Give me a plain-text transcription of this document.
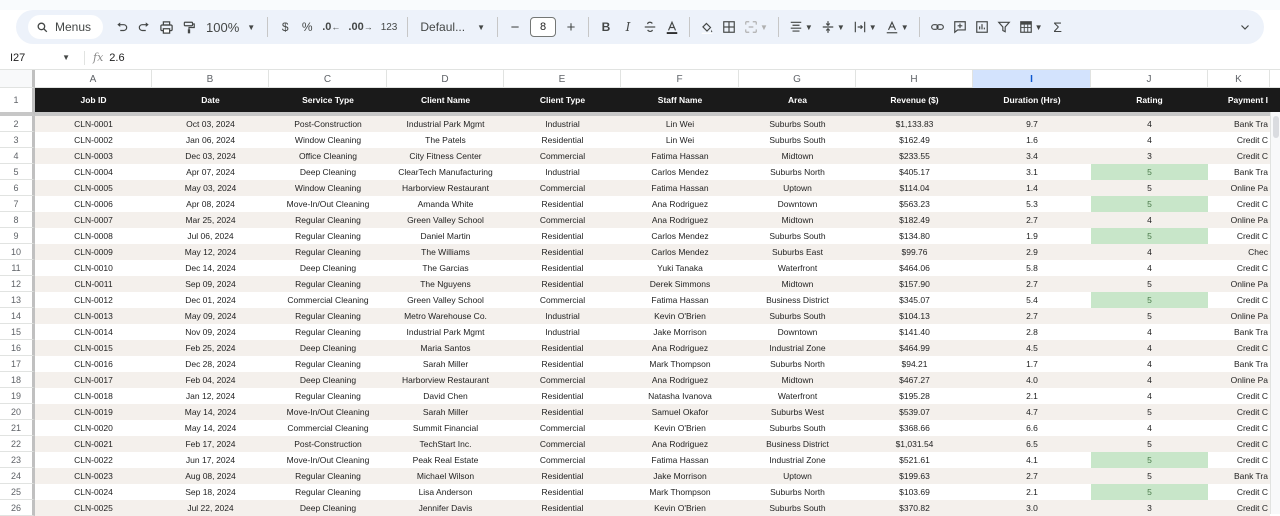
Menus	100% ▼	$	% .0 ← .00 → 123 Defaul... ▼	−	8	+	B	I	▼	▼	▼	▼	▼	▼ Σ
I27	▼ fx 2.6
A	B	C	D	E	F	G	H	I	J	K
1	Job ID	Date	Service Type	Client Name	Client Type	Staff Name	Area	Revenue ($)	Duration (Hrs)	Rating	Payment I
2	CLN-0001	Oct 03, 2024	Post-Construction	Industrial Park Mgmt	Industrial	Lin Wei	Suburbs South	$1,133.83	9.7	4	Bank Tra
3	CLN-0002	Jan 06, 2024	Window Cleaning	The Patels	Residential	Lin Wei	Suburbs South	$162.49	1.6	4	Credit C
4	CLN-0003	Dec 03, 2024	Office Cleaning	City Fitness Center	Commercial	Fatima Hassan	Midtown	$233.55	3.4	3	Credit C
5	CLN-0004	Apr 07, 2024	Deep Cleaning	ClearTech Manufacturing	Industrial	Carlos Mendez	Suburbs North	$405.17	3.1	5	Bank Tra
6	CLN-0005	May 03, 2024	Window Cleaning	Harborview Restaurant	Commercial	Fatima Hassan	Uptown	$114.04	1.4	5	Online Pa
7	CLN-0006	Apr 08, 2024	Move-In/Out Cleaning	Amanda White	Residential	Ana Rodriguez	Downtown	$563.23	5.3	5	Credit C
8	CLN-0007	Mar 25, 2024	Regular Cleaning	Green Valley School	Commercial	Ana Rodriguez	Midtown	$182.49	2.7	4	Online Pa
9	CLN-0008	Jul 06, 2024	Regular Cleaning	Daniel Martin	Residential	Carlos Mendez	Suburbs South	$134.80	1.9	5	Credit C
10	CLN-0009	May 12, 2024	Regular Cleaning	The Williams	Residential	Carlos Mendez	Suburbs East	$99.76	2.9	4	Chec
11	CLN-0010	Dec 14, 2024	Deep Cleaning	The Garcias	Residential	Yuki Tanaka	Waterfront	$464.06	5.8	4	Credit C
12	CLN-0011	Sep 09, 2024	Regular Cleaning	The Nguyens	Residential	Derek Simmons	Midtown	$157.90	2.7	5	Online Pa
13	CLN-0012	Dec 01, 2024	Commercial Cleaning	Green Valley School	Commercial	Fatima Hassan	Business District	$345.07	5.4	5	Credit C
14	CLN-0013	May 09, 2024	Regular Cleaning	Metro Warehouse Co.	Industrial	Kevin O'Brien	Suburbs South	$104.13	2.7	5	Online Pa
15	CLN-0014	Nov 09, 2024	Regular Cleaning	Industrial Park Mgmt	Industrial	Jake Morrison	Downtown	$141.40	2.8	4	Bank Tra
16	CLN-0015	Feb 25, 2024	Deep Cleaning	Maria Santos	Residential	Ana Rodriguez	Industrial Zone	$464.99	4.5	4	Credit C
17	CLN-0016	Dec 28, 2024	Regular Cleaning	Sarah Miller	Residential	Mark Thompson	Suburbs North	$94.21	1.7	4	Bank Tra
18	CLN-0017	Feb 04, 2024	Deep Cleaning	Harborview Restaurant	Commercial	Ana Rodriguez	Midtown	$467.27	4.0	4	Online Pa
19	CLN-0018	Jan 12, 2024	Regular Cleaning	David Chen	Residential	Natasha Ivanova	Waterfront	$195.28	2.1	4	Credit C
20	CLN-0019	May 14, 2024	Move-In/Out Cleaning	Sarah Miller	Residential	Samuel Okafor	Suburbs West	$539.07	4.7	5	Credit C
21	CLN-0020	May 14, 2024	Commercial Cleaning	Summit Financial	Commercial	Kevin O'Brien	Suburbs South	$368.66	6.6	4	Credit C
22	CLN-0021	Feb 17, 2024	Post-Construction	TechStart Inc.	Commercial	Ana Rodriguez	Business District	$1,031.54	6.5	5	Credit C
23	CLN-0022	Jun 17, 2024	Move-In/Out Cleaning	Peak Real Estate	Commercial	Fatima Hassan	Industrial Zone	$521.61	4.1	5	Credit C
24	CLN-0023	Aug 08, 2024	Regular Cleaning	Michael Wilson	Residential	Jake Morrison	Uptown	$199.63	2.7	5	Bank Tra
25	CLN-0024	Sep 18, 2024	Regular Cleaning	Lisa Anderson	Residential	Mark Thompson	Suburbs North	$103.69	2.1	5	Credit C
26	CLN-0025	Jul 22, 2024	Deep Cleaning	Jennifer Davis	Residential	Kevin O'Brien	Suburbs South	$370.82	3.0	3	Credit C
